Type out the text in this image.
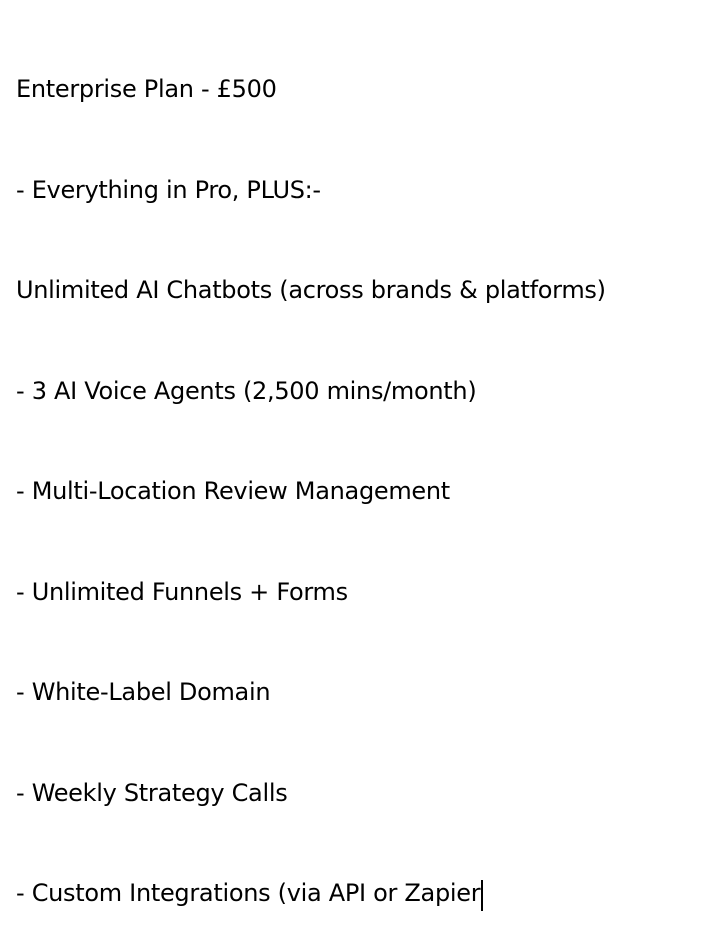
Enterprise Plan - £500

- Everything in Pro, PLUS:-

Unlimited AI Chatbots (across brands & platforms)

- 3 AI Voice Agents (2,500 mins/month)

- Multi-Location Review Management

- Unlimited Funnels + Forms

- White-Label Domain

- Weekly Strategy Calls

- Custom Integrations (via API or Zapier
